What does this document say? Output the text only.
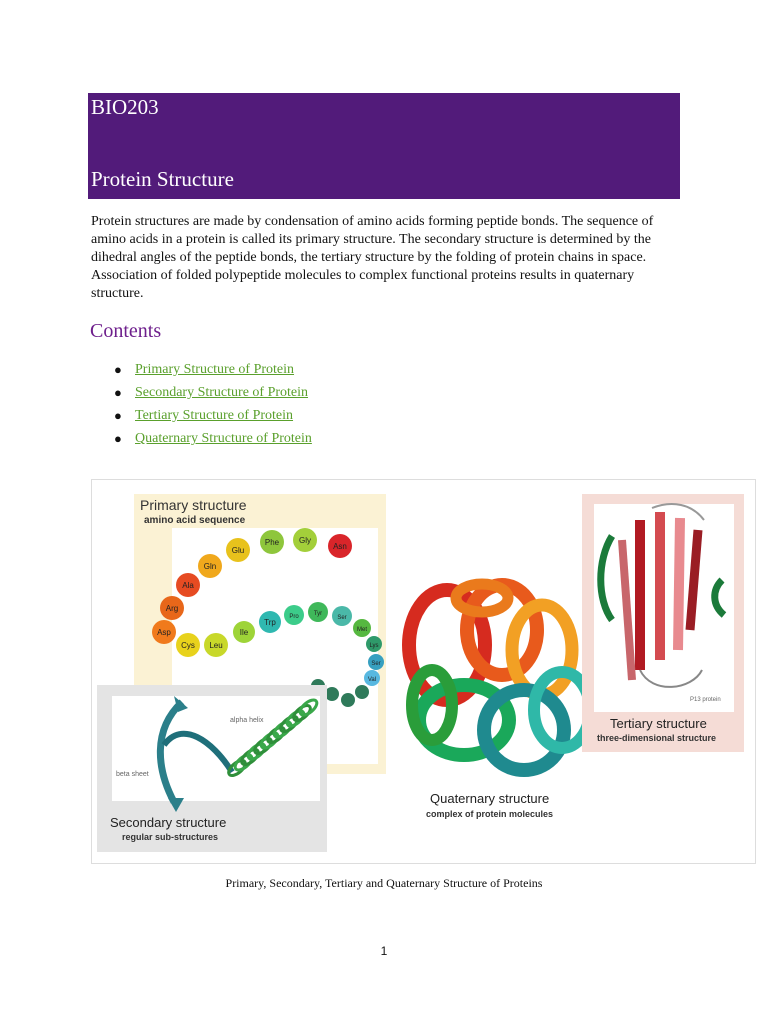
BIO203
Protein Structure

Protein structures are made by condensation of amino acids forming peptide bonds. The sequence of amino acids in a protein is called its primary structure. The secondary structure is determined by the dihedral angles of the peptide bonds, the tertiary structure by the folding of protein chains in space. Association of folded polypeptide molecules to complex functional proteins results in quaternary structure.

Contents
● Primary Structure of Protein
● Secondary Structure of Protein
● Tertiary Structure of Protein
● Quaternary Structure of Protein
Primary structure
amino acid sequence
Asp
Arg
Ala
Gln
Glu
Phe Gly
Asn
Cys Leu
Ile
Trp
Pro	Tyr
Ser
Met
Lys
Ser
Val
alpha helix
beta sheet
Secondary structure
regular sub-structures
hemoglobin
Quaternary structure
complex of protein molecules
P13 protein
Tertiary structure
three-dimensional structure
Primary, Secondary, Tertiary and Quaternary Structure of Proteins
1
